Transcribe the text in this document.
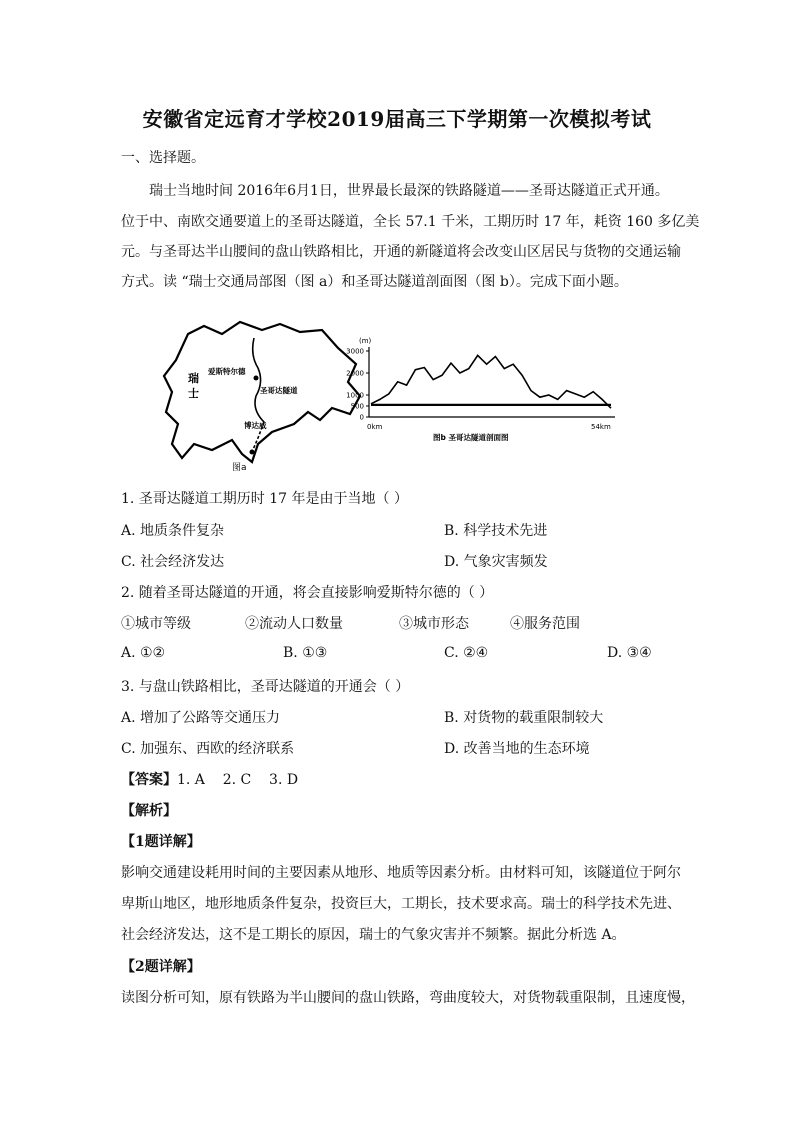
安徽省定远育才学校2019届高三下学期第一次模拟考试

一、选择题。

瑞士当地时间 2016年6月1日，世界最长最深的铁路隧道——圣哥达隧道正式开通。

位于中、南欧交通要道上的圣哥达隧道，全长 57.1 千米，工期历时 17 年，耗资 160 多亿美

元。与圣哥达半山腰间的盘山铁路相比，开通的新隧道将会改变山区居民与货物的交通运输

方式。读 “瑞士交通局部图（图 a）和圣哥达隧道剖面图（图 b）。完成下面小题。

瑞
士
爱斯特尔德
圣哥达隧道
博达威
图a
(m)
3000
2000
1000
500
0
0km	54km
图b 圣哥达隧道剖面图

1. 圣哥达隧道工期历时 17 年是由于当地（ ）

A. 地质条件复杂	B. 科学技术先进

C. 社会经济发达	D. 气象灾害频发

2. 随着圣哥达隧道的开通，将会直接影响爱斯特尔德的（ ）

①城市等级	②流动人口数量	③城市形态	④服务范围

A. ①②	B. ①③	C. ②④	D. ③④

3. 与盘山铁路相比，圣哥达隧道的开通会（ ）

A. 增加了公路等交通压力	B. 对货物的载重限制较大

C. 加强东、西欧的经济联系	D. 改善当地的生态环境

【答案】1. A    2. C    3. D

【解析】

【1题详解】

影响交通建设耗用时间的主要因素从地形、地质等因素分析。由材料可知，该隧道位于阿尔

卑斯山地区，地形地质条件复杂，投资巨大，工期长，技术要求高。瑞士的科学技术先进、

社会经济发达，这不是工期长的原因，瑞士的气象灾害并不频繁。据此分析选 A。

【2题详解】

读图分析可知，原有铁路为半山腰间的盘山铁路，弯曲度较大，对货物载重限制，且速度慢，
